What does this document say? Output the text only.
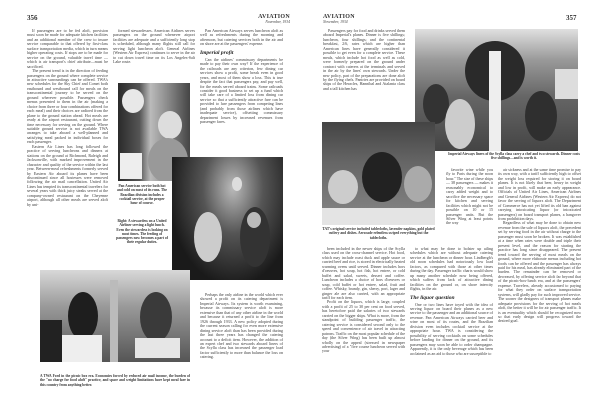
356	AVIATION
November, 1934

If passengers are to be fed aloft, provision must soon be made for adequate kitchen facilities and an additional member of the crew to insure service comparable to that offered by first-class surface transportation media, which in turn means higher operating costs. If stops are to be made for service on the ground, valuable travel time — which is air transport's chief attribute—must be sacrificed.

The present trend is in the direction of feeding passengers on the ground where complete service in attractive surroundings can be offered. TWA's new schedules for the Sky Chief and Comet both eastbound and westbound call for meals on the transcontinental journey to be served on the ground wherever possible. Passengers check menus presented to them in the air (making a choice from three or four combinations offered for each meal) and their choices are radioed from the plane to the ground station ahead. Hot meals are ready at the airport restaurant, cutting down the time necessary for serving on the ground. Where suitable ground service is not available TWA arranges to take aboard a well-planned and satisfying meal packed in individual boxes for each passenger.

Eastern Air Lines has long followed the practice of serving luncheons and dinners at stations on the ground at Richmond, Raleigh and Jacksonville, with marked improvement in the character and quality of the service within the last year. Between-meal refreshments formerly served by Eastern Air aboard its planes have been discontinued since all hostesses were removed following the air mail cancellation. United Air Lines has tempted its transcontinental travelers for several years with thick juicy steaks served at the company-owned restaurant on the Cheyenne airport, although all other meals are served aloft by uni-

formed stewardesses. American Airlines serves passengers on the ground whenever airport facilities are adequate and a sufficiently long stop is scheduled, although many flights still call for serving light luncheon aloft. General Airlines (Western Air Express) continues to serve in the air to cut down travel time on its Los Angeles-Salt Lake route.

Pan American service both hot and cold on most of its runs. The Brazilian division includes a cocktail service, at the proper hour of course.
Right: A stewardess on a United Airliner serving a light lunch. Even the stewardess is looking on most times. The feeding of passengers now becomes a part of their regular duties.

Pan American Airways serves luncheon aloft as well as refreshments during the morning and afternoon, but catering services both in the air and on shore are at the passengers' expense.

Imperial profit

Can the airlines' commissary departments be made to pay their own way? If the experience of the railroads are any criterion, few dining car services show a profit, some break even in good years, and most of them show a loss. This is true despite the fact that passengers pay, and pay well, for the meals served aboard trains. Some railroads consider it good business to set up a fund which will take care of a limited loss from dining car service so that a sufficiently attractive fare can be provided to lure passengers from competing lines (and probably from those airlines which have inadequate service), offsetting commissary department losses by increased revenues from passenger fares.

A TWA Ford in the picnic box era. Economies forced by reduced air mail income, the burden of the "no charge for food aloft" practice, and space and weight limitations have kept meal fare in this country from anything better.

Perhaps the only airline in the world which ever showed a profit on its catering department is Imperial Airways. Its system is worth examining, because its commissary service aloft is more extensive than that of any other airline in the world and because it returned a profit to the line from 1926 through 1933. A new policy adopted during the current season calling for even more extensive dining service aloft than has been provided during the last three years has changed the catering account to a deficit item. However, the addition of an expert chef and two stewards aboard liners of the Scylla class has increased the passenger load factor sufficiently to more than balance the loss on catering.

AVIATION
November, 1934	357

Passengers pay for food and drinks served them aboard Imperial's planes. Dinner is five shillings; luncheon, four shillings; and the continental breakfast, 2/6, rates which are higher than American lines have generally considered it possible to get even for a complete service. These meals, which include hot food as well as cold, were formerly prepared on the ground under contract with caterers at the terminals and served in the air by the lines' own stewards. Under the new policy, part of the preparations are done aloft by the flying chefs. Pantries are provided on board ships of the Heracles, Hannibal and Atalanta class and a tall kitchen has

Imperial Airways liners of the Scylla class carry a chef and two stewards. Dinner costs five shillings—and is worth it.
TAT's original service included tablecloths, lavender napkins, gold plated cutlery and dishes. Aerocade relentless swiped everything but the tablecloths.

favorite wine while you fly to Paris during the noon hour." The size of these ships — 38 passengers — makes it reasonably economical to carry added weight and to sacrifice the necessary space for kitchen and serving facilities which might not be possible on 10 or 15 passenger units. But the Silver Wing at least points the way

air sickness and at the same time promise to pay its own way, with a tariff sufficiently high to offset the weight loss required for storing it on board planes. It is not likely that beer, heavy in weight and low in profit, will make an early appearance. Officials of United Air Lines, American Airlines and General Airlines (Western Air Express) do not favor the serving of liquors aloft. The Department of Commerce has not yet lifted its old ban against carrying intoxicating liquor (or intoxicated passengers) on board transport planes, a hangover from prohibition days.

Regardless of what may be done to obtain new revenue from the sale of liquors aloft, the precedent set by serving food in the air without charge to the passenger must soon be broken. It was established at a time when rates were double and triple their present level, and the reason for starting the practice has long since disappeared. The present trend toward the serving of most meals on the ground, where more elaborate menus including hot foods can be offered and the passenger has always paid for his meal, has already eliminated part of the burden. The remainder can be removed or decreased, by offering service aloft far beyond that of the picnic-box-lunch era, and at the passengers' expense. Travelers, already accustomed to paying for what they order on surface transportation systems, will gladly pay for such improved service. The sooner the designers of transport planes make adequate provisions for the serving of hot meals aloft, the better it will be for air passenger traffic. It is an eventuality which should be recognized now so that early design will progress toward the desired goal.

been included in the newer ships of the Scylla class used on the cross-channel service. Hot food, which may include roast duck and apple sauce or curried beef and rice, is stored in electrically heated warming ovens until served. Dinner includes hors d'oeuvres, hot soup, hot fish, hot entree, or cold buffet and salad, sweets, dessert and coffee. Luncheon includes a choice of hors d'oeuvres or soup, cold buffet or hot entree, salad, fruit and coffee. Whisky, brandy, gin, sherry, port, lager and ginger ale are also carried, with an appropriate tariff for each item.

Profit on the liquors, which is large, coupled with a profit of 25 to 30 per cent on food served, has heretofore paid the salaries of two stewards carried on the bigger ships. What is more, from the standpoint of building passenger traffic, the catering service is considered second only to the speed and convenience of air travel in attracting patrons. Traffic on the most popular schedule of the day (the Silver Wing) has been built up almost wholly on the appeal (stressed in newspaper advertising) of a "five course luncheon served with your

to what may be done to bolster up ailing schedules which are without adequate catering service at the luncheon or dinner hour. Lindbergh's old noon schedules had notoriously low load factors, as compared with those at other times during the day. Passenger traffic charts would show up many another schedule now being offered, which suffers from lack of attractive dining facilities on the ground or, on shore intercity flights, in the air.

The liquor question

One or two lines have toyed with the idea of serving liquor on board their planes as a new service to the passenger and an additional source of revenue. Pan American Airways carried beer and wine on most of its routes, and the Brazilian division even includes cocktail service at the appropriate hour. TWA is considering the possibility of serving cocktails on some schedules before landing for dinner on the ground, and its passengers may soon be able to order champagne. Apparently, it is the only beverage which has been acclaimed as an aid to those who are susceptible to
